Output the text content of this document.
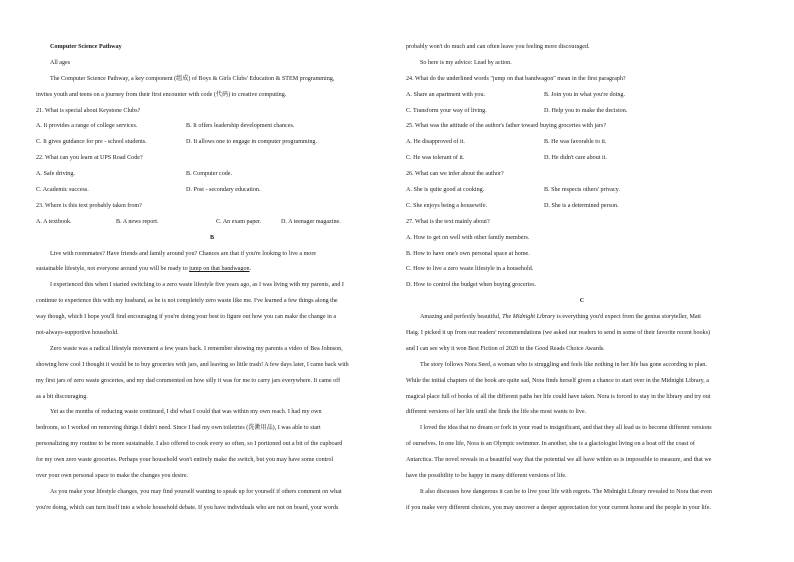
Computer Science Pathway
All ages
The Computer Science Pathway, a key component (组成) of Boys & Girls Clubs' Education & STEM programming,
invites youth and teens on a journey from their first encounter with code (代码) to creative computing.
21. What is special about Keystone Clubs?
A. It provides a range of college services.	B. It offers leadership development chances.
C. It gives guidance for pre - school students.	D. It allows one to engage in computer programming.
22. What can you learn at UPS Road Code?
A. Safe driving.	B. Computer code.
C. Academic success.	D. Post - secondary education.
23. Where is this text probably taken from?
A. A textbook.	B. A news report.	C. An exam paper.	D. A teenager magazine.
B
Live with roommates? Have friends and family around you? Chances are that if you're looking to live a more
sustainable lifestyle, not everyone around you will be ready to jump on that bandwagon.
I experienced this when I started switching to a zero waste lifestyle five years ago, as I was living with my parents, and I
continue to experience this with my husband, as he is not completely zero waste like me. I've learned a few things along the
way though, which I hope you'll find encouraging if you're doing your best to figure out how you can make the change in a
not-always-supportive household.
Zero waste was a radical lifestyle movement a few years back. I remember showing my parents a video of Bea Johnson,
showing how cool I thought it would be to buy groceries with jars, and leaving so little trash! A few days later, I came back with
my first jars of zero waste groceries, and my dad commented on how silly it was for me to carry jars everywhere. It came off
as a bit discouraging.
Yet as the months of reducing waste continued, I did what I could that was within my own reach. I had my own
bedroom, so I worked on removing things I didn't need. Since I had my own toiletries (洗漱用品), I was able to start
personalizing my routine to be more sustainable. I also offered to cook every so often, so I portioned out a bit of the cupboard
for my own zero waste groceries. Perhaps your household won't entirely make the switch, but you may have some control
over your own personal space to make the changes you desire.
As you make your lifestyle changes, you may find yourself wanting to speak up for yourself if others comment on what
you're doing, which can turn itself into a whole household debate. If you have individuals who are not on board, your words
probably won't do much and can often leave you feeling more discouraged.
So here is my advice: Lead by action.
24. What do the underlined words "jump on that bandwagon" mean in the first paragraph?
A. Share an apartment with you.	B. Join you in what you're doing.
C. Transform your way of living.	D. Help you to make the decision.
25. What was the attitude of the author's father toward buying groceries with jars?
A. He disapproved of it.	B. He was favorable to it.
C. He was tolerant of it.	D. He didn't care about it.
26. What can we infer about the author?
A. She is quite good at cooking.	B. She respects others' privacy.
C. She enjoys being a housewife.	D. She is a determined person.
27. What is the text mainly about?
A. How to get on well with other family members.
B. How to have one's own personal space at home.
C. How to live a zero waste lifestyle in a household.
D. How to control the budget when buying groceries.
C
Amazing and perfectly beautiful, The Midnight Library is everything you'd expect from the genius storyteller, Matt
Haig. I picked it up from our readers' recommendations (we asked our readers to send in some of their favorite recent books)
and I can see why it won Best Fiction of 2020 in the Good Reads Choice Awards.
The story follows Nora Seed, a woman who is struggling and feels like nothing in her life has gone according to plan.
While the initial chapters of the book are quite sad, Nora finds herself given a chance to start over in the Midnight Library, a
magical place full of books of all the different paths her life could have taken. Nora is forced to stay in the library and try out
different versions of her life until she finds the life she most wants to live.
I loved the idea that no dream or fork in your road is insignificant, and that they all lead us to become different versions
of ourselves. In one life, Nora is an Olympic swimmer. In another, she is a glaciologist living on a boat off the coast of
Antarctica. The novel reveals in a beautiful way that the potential we all have within us is impossible to measure, and that we
have the possibility to be happy in many different versions of life.
It also discusses how dangerous it can be to live your life with regrets. The Midnight Library revealed to Nora that even
if you make very different choices, you may uncover a deeper appreciation for your current home and the people in your life.
